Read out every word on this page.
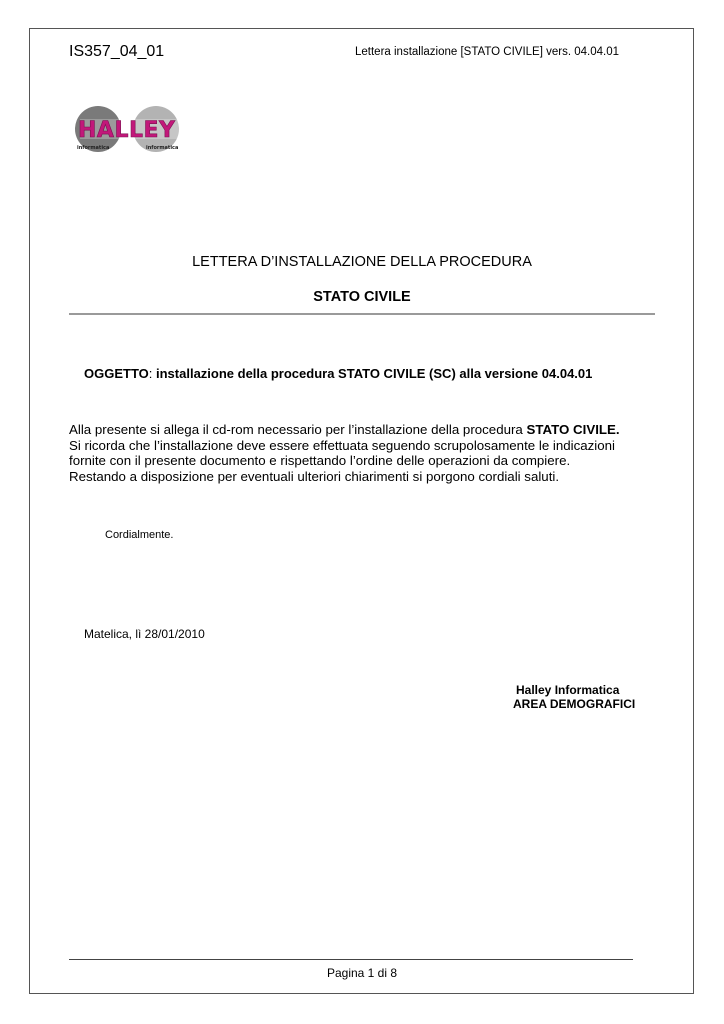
IS357_04_01	Lettera installazione [STATO CIVILE] vers. 04.04.01
HALLEY
informatica	informatica
LETTERA D’INSTALLAZIONE DELLA PROCEDURA
STATO CIVILE
OGGETTO: installazione della procedura STATO CIVILE (SC) alla versione 04.04.01

Alla presente si allega il cd-rom necessario per l’installazione della procedura STATO CIVILE.

Si ricorda che l’installazione deve essere effettuata seguendo scrupolosamente le indicazioni fornite con il presente documento e rispettando l’ordine delle operazioni da compiere.

Restando a disposizione per eventuali ulteriori chiarimenti si porgono cordiali saluti.

Cordialmente.
Matelica, lì 28/01/2010
Halley Informatica
AREA DEMOGRAFICI
Pagina 1 di 8
